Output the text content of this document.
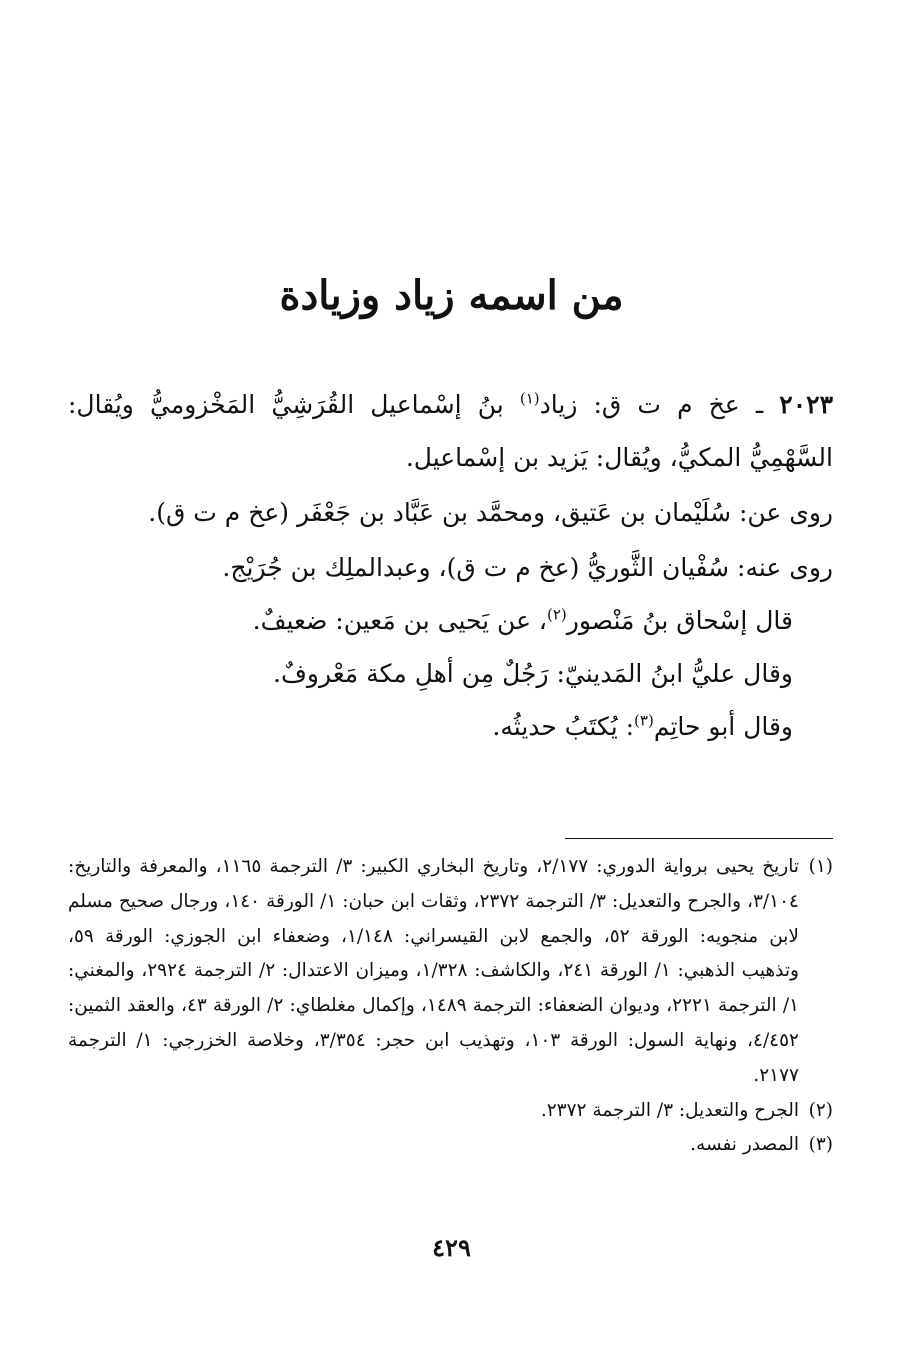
من اسمه زياد وزيادة

٢٠٢٣ ـ عخ م ت ق: زياد$^{(١)}$ بنُ إسْماعيل القُرَشِيُّ المَخْزوميُّ ويُقال: السَّهْمِيُّ المكيُّ، ويُقال: يَزيد بن إسْماعيل.

روى عن: سُلَيْمان بن عَتيق، ومحمَّد بن عَبَّاد بن جَعْفَر (عخ م ت ق).

روى عنه: سُفْيان الثَّوريُّ (عخ م ت ق)، وعبدالملِك بن جُرَيْج.

قال إسْحاق بنُ مَنْصور$^{(٢)}$، عن يَحيى بن مَعين: ضعيفٌ.

وقال عليُّ ابنُ المَدينيّ: رَجُلٌ مِن أهلِ مكة مَعْروفٌ.

وقال أبو حاتِم$^{(٣)}$: يُكتَبُ حديثُه.

(١)
تاريخ يحيى برواية الدوري: ٢/١٧٧، وتاريخ البخاري الكبير: ٣/ الترجمة ١١٦٥، والمعرفة والتاريخ: ٣/١٠٤، والجرح والتعديل: ٣/ الترجمة ٢٣٧٢، وثقات ابن حبان: ١/ الورقة ١٤٠، ورجال صحيح مسلم لابن منجويه: الورقة ٥٢، والجمع لابن القيسراني: ١/١٤٨، وضعفاء ابن الجوزي: الورقة ٥٩، وتذهيب الذهبي: ١/ الورقة ٢٤١، والكاشف: ١/٣٢٨، وميزان الاعتدال: ٢/ الترجمة ٢٩٢٤، والمغني: ١/ الترجمة ٢٢٢١، وديوان الضعفاء: الترجمة ١٤٨٩، وإكمال مغلطاي: ٢/ الورقة ٤٣، والعقد الثمين: ٤/٤٥٢، ونهاية السول: الورقة ١٠٣، وتهذيب ابن حجر: ٣/٣٥٤، وخلاصة الخزرجي: ١/ الترجمة ٢١٧٧.

(٢)
الجرح والتعديل: ٣/ الترجمة ٢٣٧٢.

(٣)
المصدر نفسه.

٤٢٩
